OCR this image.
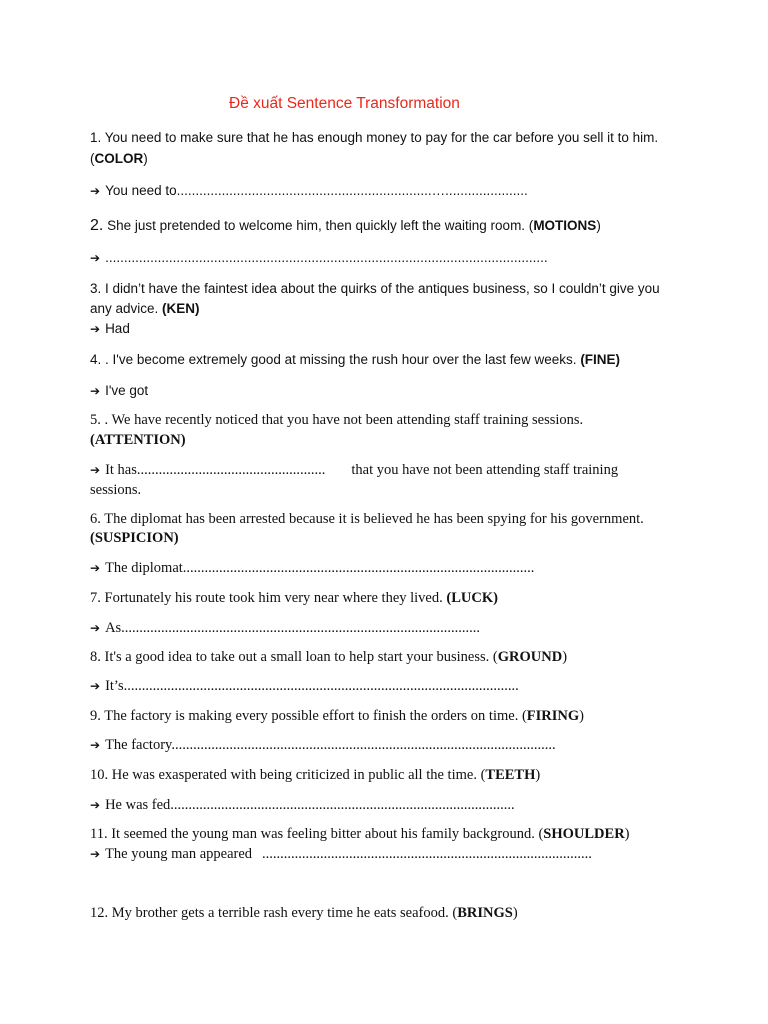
Đề xuất Sentence Transformation
1. You need to make sure that he has enough money to pay for the car before you sell it to him.
(COLOR)
➔ You need to....................................................................…......................
2. She just pretended to welcome him, then quickly left the waiting room. (MOTIONS)
➔ ......................................................................................................................
3. I didn’t have the faintest idea about the quirks of the antiques business, so I couldn’t give you
any advice. (KEN)
➔ Had
4. . I've become extremely good at missing the rush hour over the last few weeks. (FINE)
➔ I've got
5. . We have recently noticed that you have not been attending staff training sessions.
(ATTENTION)
➔ It has.................................................... that you have not been attending staff training
sessions.
6. The diplomat has been arrested because it is believed he has been spying for his government.
(SUSPICION)
➔ The diplomat.................................................................................................
7. Fortunately his route took him very near where they lived. (LUCK)
➔ As...................................................................................................
8. It's a good idea to take out a small loan to help start your business. (GROUND)
➔ It’s.............................................................................................................
9. The factory is making every possible effort to finish the orders on time. (FIRING)
➔ The factory..........................................................................................................
10. He was exasperated with being criticized in public all the time. (TEETH)
➔ He was fed...............................................................................................
11. It seemed the young man was feeling bitter about his family background. (SHOULDER)
➔ The young man appeared ...........................................................................................
12. My brother gets a terrible rash every time he eats seafood. (BRINGS)
